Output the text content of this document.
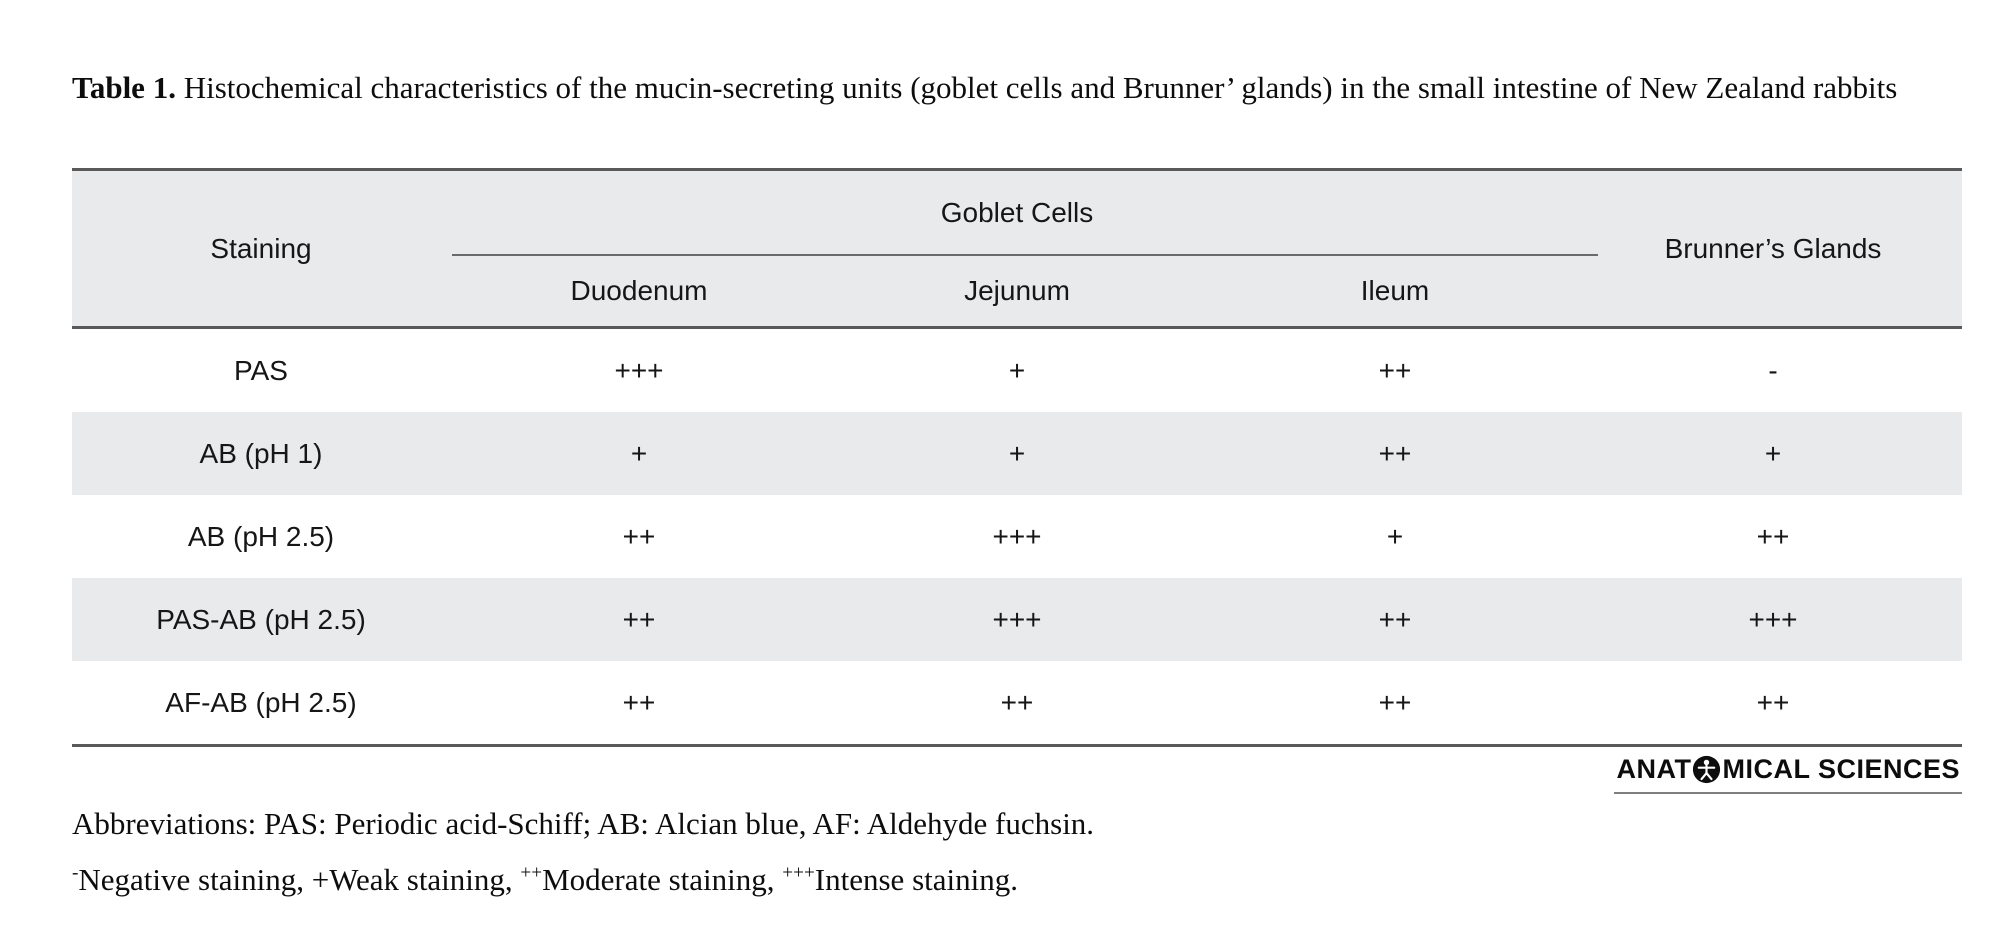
Table 1. Histochemical characteristics of the mucin-secreting units (goblet cells and Brunner’ glands) in the small intestine of New Zealand rabbits

Staining
Goblet Cells
Duodenum	Jejunum	Ileum
Brunner’s Glands
PAS	+++	+	++	-
AB (pH 1)	+	+	++	+
AB (pH 2.5)	++	+++	+	++
PAS-AB (pH 2.5)	++	+++	++	+++
AF-AB (pH 2.5)	++	++	++	++
ANAT MICAL SCIENCES

Abbreviations: PAS: Periodic acid-Schiff; AB: Alcian blue, AF: Aldehyde fuchsin.

-Negative staining, +Weak staining, ++Moderate staining, +++Intense staining.
